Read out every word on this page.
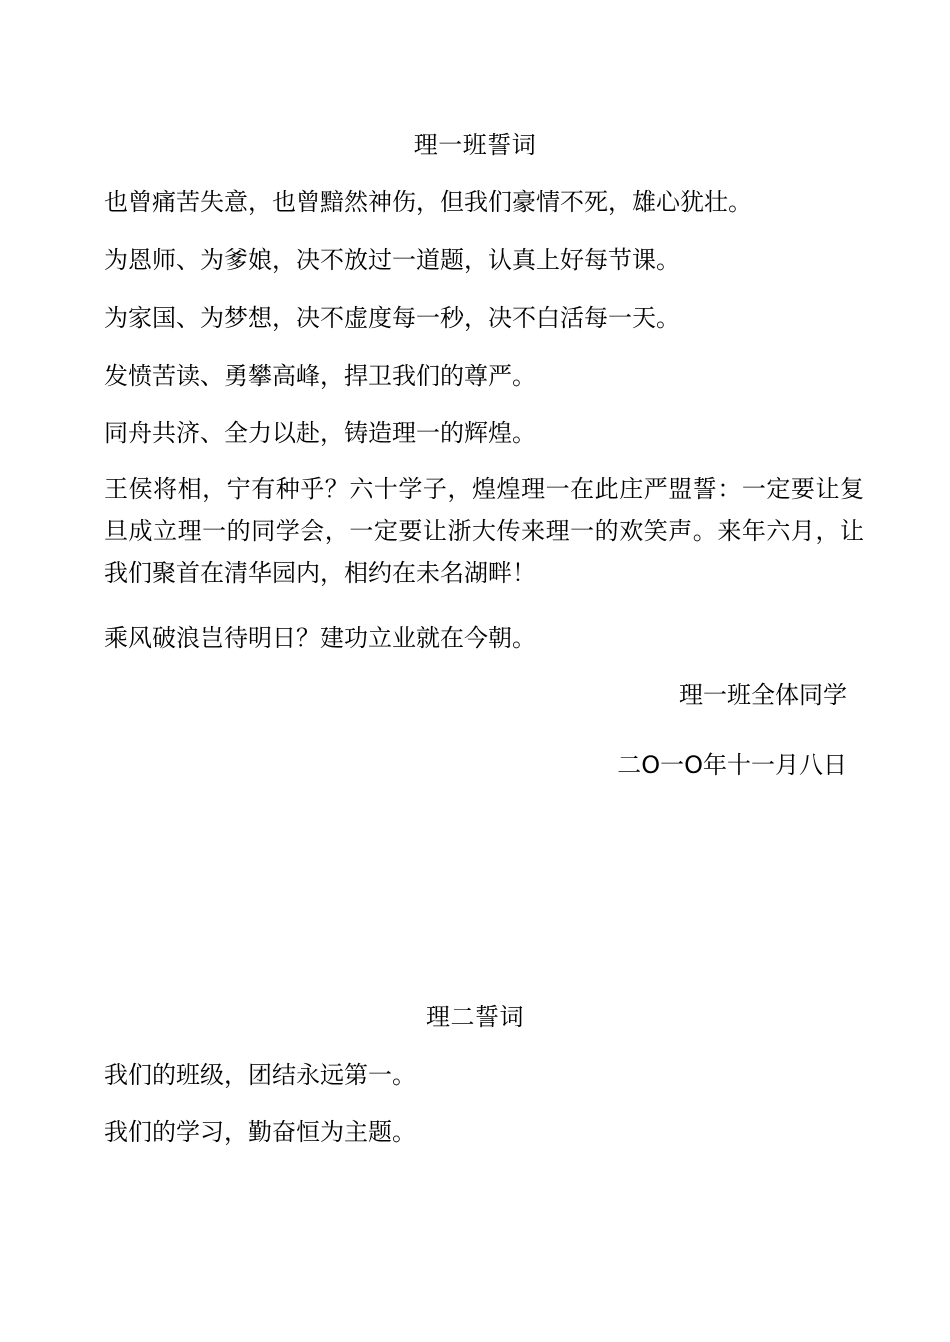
理一班誓词
也曾痛苦失意，也曾黯然神伤，但我们豪情不死，雄心犹壮。
为恩师、为爹娘，决不放过一道题，认真上好每节课。
为家国、为梦想，决不虚度每一秒，决不白活每一天。
发愤苦读、勇攀高峰，捍卫我们的尊严。
同舟共济、全力以赴，铸造理一的辉煌。
王侯将相，宁有种乎？六十学子，煌煌理一在此庄严盟誓：一定要让复旦成立理一的同学会，一定要让浙大传来理一的欢笑声。来年六月，让我们聚首在清华园内，相约在未名湖畔！
乘风破浪岂待明日？建功立业就在今朝。
理一班全体同学
二O一O年十一月八日
理二誓词
我们的班级，团结永远第一。
我们的学习，勤奋恒为主题。
